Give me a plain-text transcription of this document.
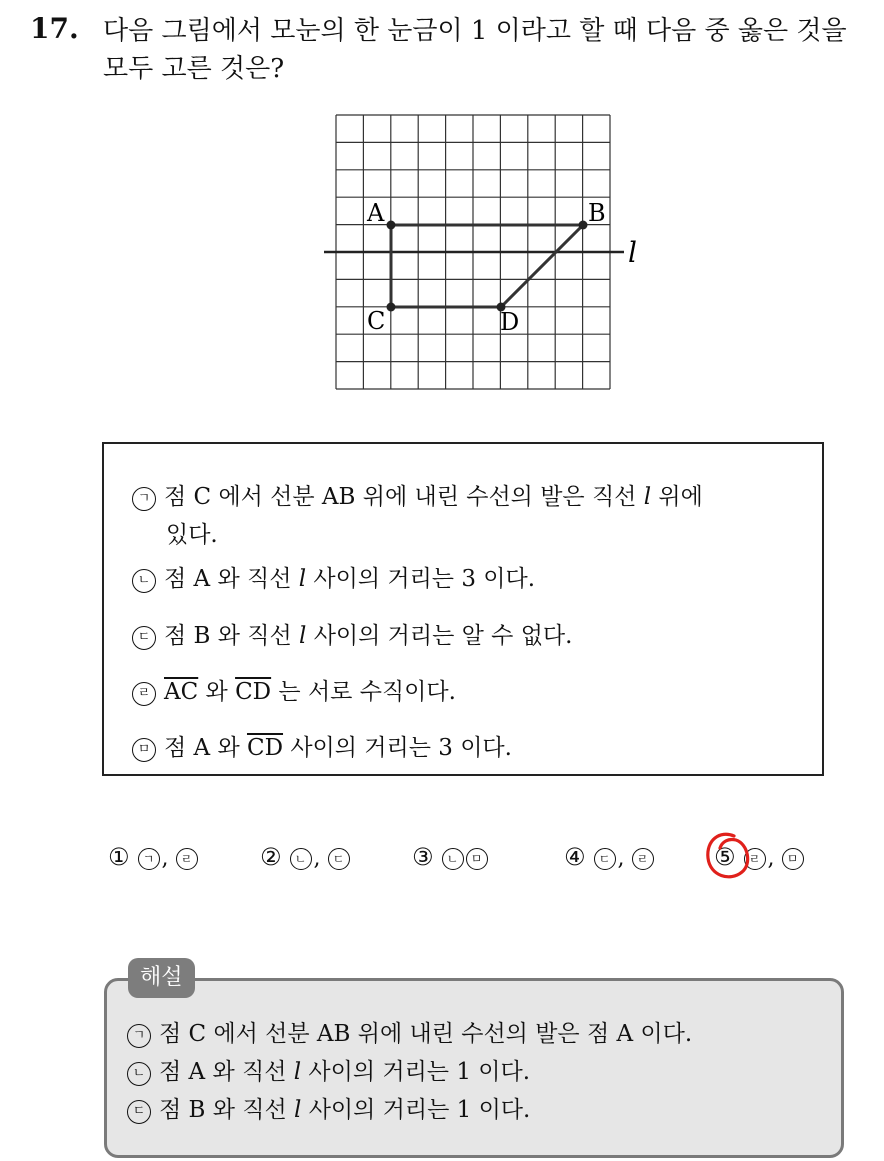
17. 다음 그림에서 모눈의 한 눈금이 1 이라고 할 때 다음 중 옳은 것을
모두 고른 것은?
A	B
C	D
l
ㄱ 점 C 에서 선분 AB 위에 내린 수선의 발은 직선 l 위에
있다.
ㄴ 점 A 와 직선 l 사이의 거리는 3 이다.
ㄷ 점 B 와 직선 l 사이의 거리는 알 수 없다.
ㄹ $\overline{AC}$ 와 $\overline{CD}$ 는 서로 수직이다.
ㅁ 점 A 와 $\overline{CD}$ 사이의 거리는 3 이다.
① ㄱ , ㄹ	② ㄴ , ㄷ	③ ㄴ ㅁ	④ ㄷ , ㄹ	⑤ ㄹ , ㅁ
ㄱ 점 C 에서 선분 AB 위에 내린 수선의 발은 점 A 이다.
ㄴ 점 A 와 직선 l 사이의 거리는 1 이다.
ㄷ 점 B 와 직선 l 사이의 거리는 1 이다.
해설
